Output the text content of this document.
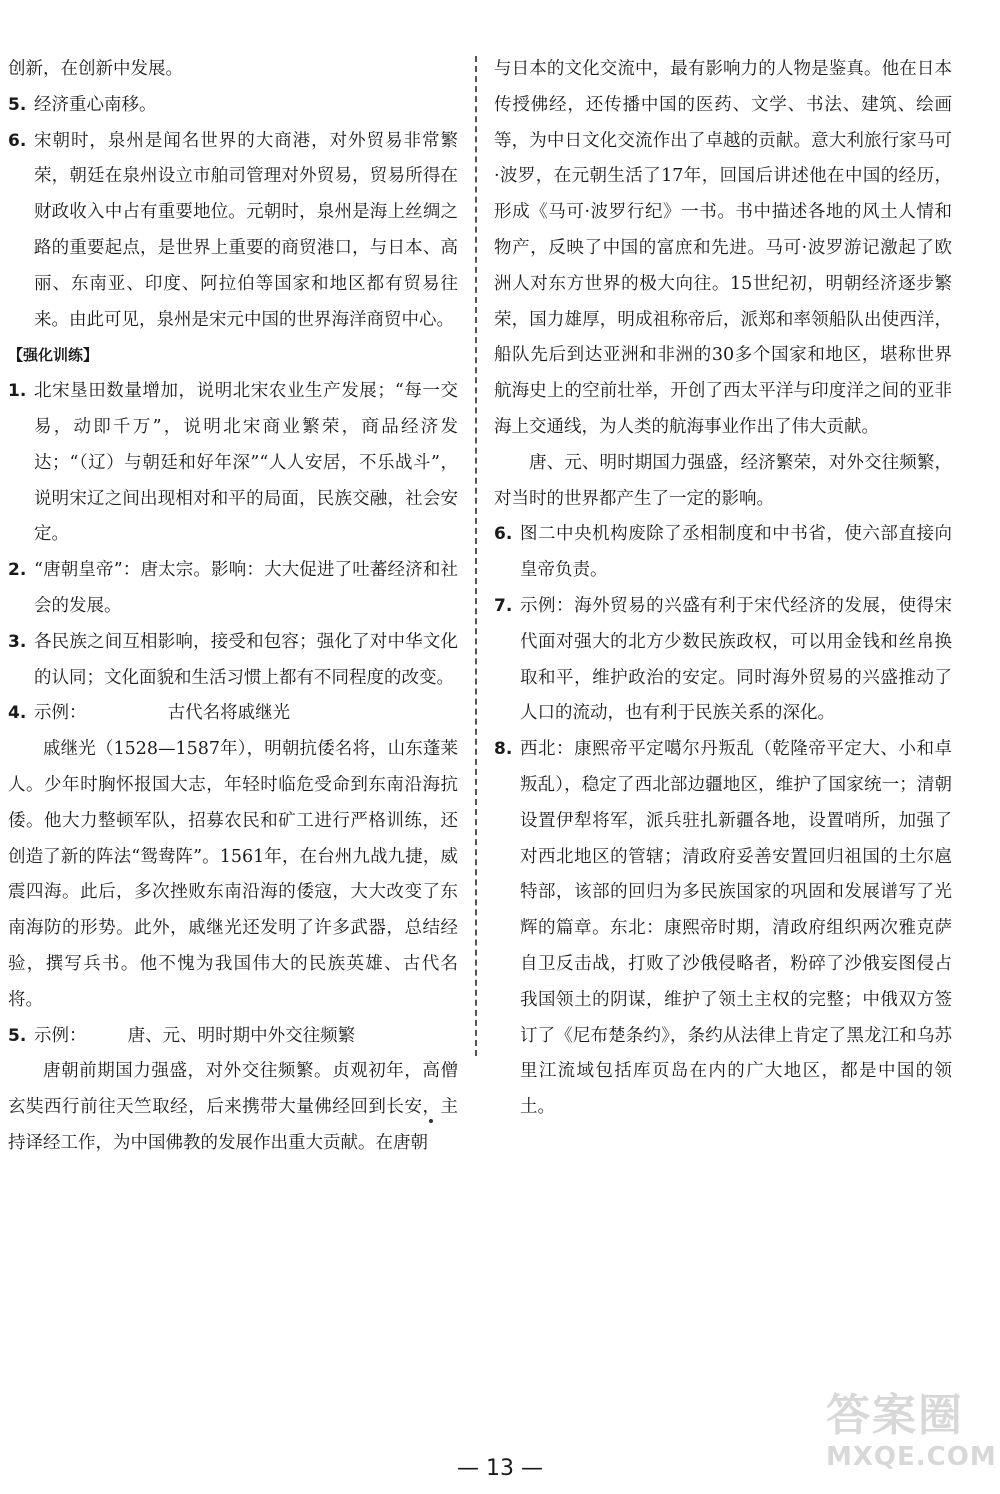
创新，在创新中发展。
5. 经济重心南移。
6. 宋朝时，泉州是闻名世界的大商港，对外贸易非常繁荣，朝廷在泉州设立市舶司管理对外贸易，贸易所得在财政收入中占有重要地位。元朝时，泉州是海上丝绸之路的重要起点，是世界上重要的商贸港口，与日本、高丽、东南亚、印度、阿拉伯等国家和地区都有贸易往来。由此可见，泉州是宋元中国的世界海洋商贸中心。
【强化训练】
1. 北宋垦田数量增加，说明北宋农业生产发展；“每一交易，动即千万”，说明北宋商业繁荣，商品经济发达；“（辽）与朝廷和好年深”“人人安居，不乐战斗”，说明宋辽之间出现相对和平的局面，民族交融，社会安定。
2. “唐朝皇帝”：唐太宗。影响：大大促进了吐蕃经济和社会的发展。
3. 各民族之间互相影响，接受和包容；强化了对中华文化的认同；文化面貌和生活习惯上都有不同程度的改变。
4. 示例：	古代名将戚继光
戚继光（1528—1587年），明朝抗倭名将，山东蓬莱人。少年时胸怀报国大志，年轻时临危受命到东南沿海抗倭。他大力整顿军队，招募农民和矿工进行严格训练，还创造了新的阵法“鸳鸯阵”。1561年，在台州九战九捷，威震四海。此后，多次挫败东南沿海的倭寇，大大改变了东南海防的形势。此外，戚继光还发明了许多武器，总结经验，撰写兵书。他不愧为我国伟大的民族英雄、古代名将。
5. 示例： 唐、元、明时期中外交往频繁
唐朝前期国力强盛，对外交往频繁。贞观初年，高僧玄奘西行前往天竺取经，后来携带大量佛经回到长安，主持译经工作，为中国佛教的发展作出重大贡献。在唐朝
与日本的文化交流中，最有影响力的人物是鉴真。他在日本传授佛经，还传播中国的医药、文学、书法、建筑、绘画等，为中日文化交流作出了卓越的贡献。意大利旅行家马可·波罗，在元朝生活了17年，回国后讲述他在中国的经历，形成《马可·波罗行纪》一书。书中描述各地的风土人情和物产，反映了中国的富庶和先进。马可·波罗游记激起了欧洲人对东方世界的极大向往。15世纪初，明朝经济逐步繁荣，国力雄厚，明成祖称帝后，派郑和率领船队出使西洋，船队先后到达亚洲和非洲的30多个国家和地区，堪称世界航海史上的空前壮举，开创了西太平洋与印度洋之间的亚非海上交通线，为人类的航海事业作出了伟大贡献。
唐、元、明时期国力强盛，经济繁荣，对外交往频繁，对当时的世界都产生了一定的影响。
6. 图二中央机构废除了丞相制度和中书省，使六部直接向皇帝负责。
7. 示例：海外贸易的兴盛有利于宋代经济的发展，使得宋代面对强大的北方少数民族政权，可以用金钱和丝帛换取和平，维护政治的安定。同时海外贸易的兴盛推动了人口的流动，也有利于民族关系的深化。
8. 西北：康熙帝平定噶尔丹叛乱（乾隆帝平定大、小和卓叛乱），稳定了西北部边疆地区，维护了国家统一；清朝设置伊犁将军，派兵驻扎新疆各地，设置哨所，加强了对西北地区的管辖；清政府妥善安置回归祖国的土尔扈特部，该部的回归为多民族国家的巩固和发展谱写了光辉的篇章。东北：康熙帝时期，清政府组织两次雅克萨自卫反击战，打败了沙俄侵略者，粉碎了沙俄妄图侵占我国领土的阴谋，维护了领土主权的完整；中俄双方签订了《尼布楚条约》，条约从法律上肯定了黑龙江和乌苏里江流域包括库页岛在内的广大地区，都是中国的领土。
— 13 —
答案圈
MXQE.COM
